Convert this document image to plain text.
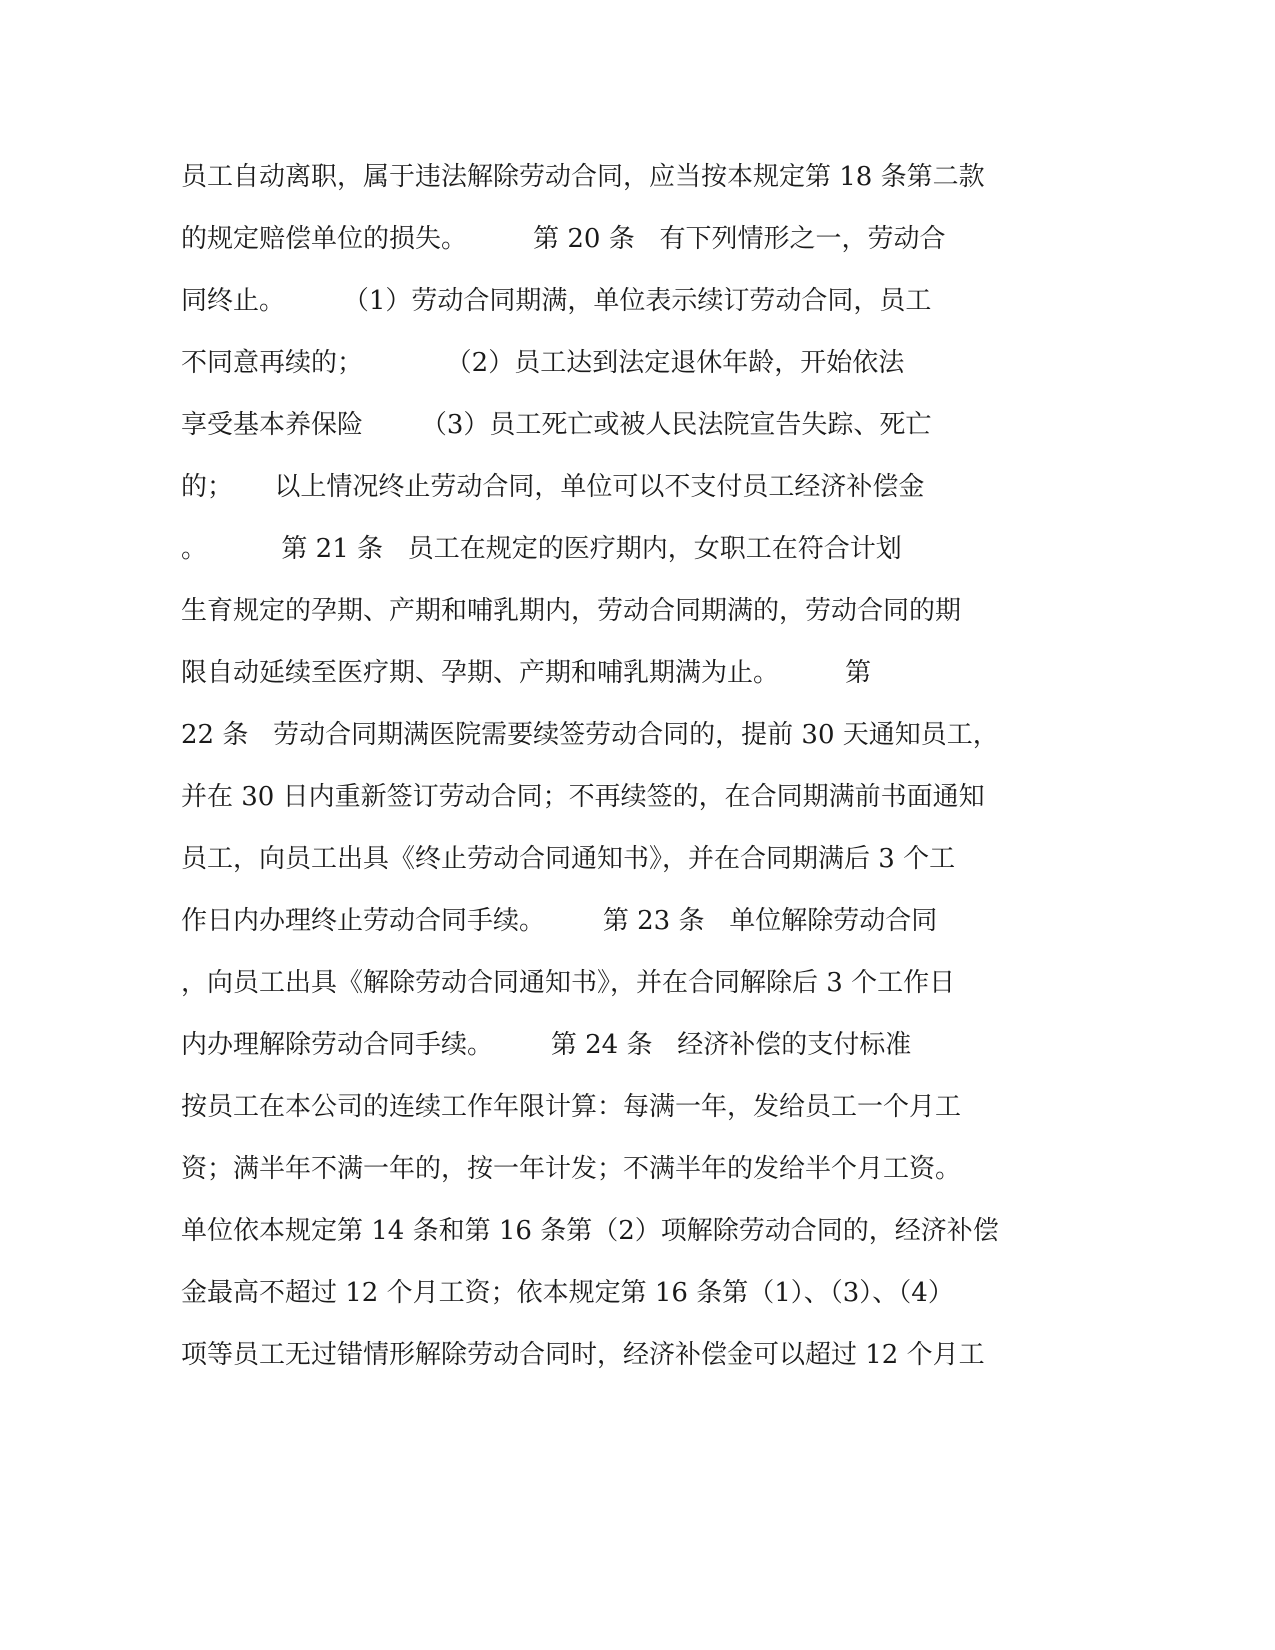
员工自动离职，属于违法解除劳动合同，应当按本规定第 18 条第二款
的规定赔偿单位的损失。        第 20 条   有下列情形之一，劳动合
同终止。       （1）劳动合同期满，单位表示续订劳动合同，员工
不同意再续的；          （2）员工达到法定退休年龄，开始依法
享受基本养保险       （3）员工死亡或被人民法院宣告失踪、死亡
的；     以上情况终止劳动合同，单位可以不支付员工经济补偿金
。         第 21 条   员工在规定的医疗期内，女职工在符合计划
生育规定的孕期、产期和哺乳期内，劳动合同期满的，劳动合同的期
限自动延续至医疗期、孕期、产期和哺乳期满为止。        第
22 条   劳动合同期满医院需要续签劳动合同的，提前 30 天通知员工，
并在 30 日内重新签订劳动合同；不再续签的，在合同期满前书面通知
员工，向员工出具《终止劳动合同通知书》，并在合同期满后 3 个工
作日内办理终止劳动合同手续。       第 23 条   单位解除劳动合同
，向员工出具《解除劳动合同通知书》，并在合同解除后 3 个工作日
内办理解除劳动合同手续。       第 24 条   经济补偿的支付标准
按员工在本公司的连续工作年限计算：每满一年，发给员工一个月工
资；满半年不满一年的，按一年计发；不满半年的发给半个月工资。
单位依本规定第 14 条和第 16 条第（2）项解除劳动合同的，经济补偿
金最高不超过 12 个月工资；依本规定第 16 条第（1）、（3）、（4）
项等员工无过错情形解除劳动合同时，经济补偿金可以超过 12 个月工
